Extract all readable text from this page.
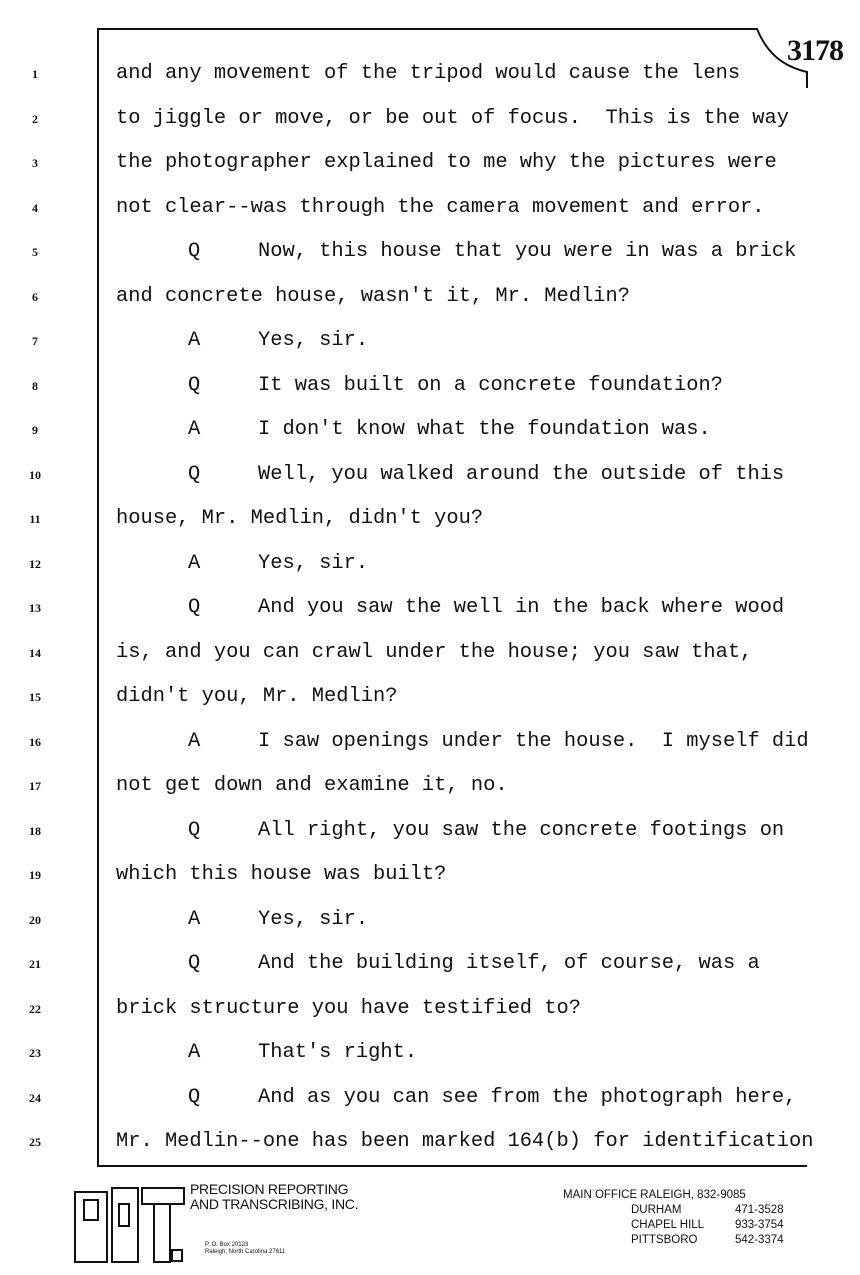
3178
1	and any movement of the tripod would cause the lens
2	to jiggle or move, or be out of focus.  This is the way
3	the photographer explained to me why the pictures were
4	not clear--was through the camera movement and error.
5	Q	Now, this house that you were in was a brick
6	and concrete house, wasn't it, Mr. Medlin?
7	A	Yes, sir.
8	Q	It was built on a concrete foundation?
9	A	I don't know what the foundation was.
10	Q	Well, you walked around the outside of this
11	house, Mr. Medlin, didn't you?
12	A	Yes, sir.
13	Q	And you saw the well in the back where wood
14	is, and you can crawl under the house; you saw that,
15	didn't you, Mr. Medlin?
16	A	I saw openings under the house.  I myself did
17	not get down and examine it, no.
18	Q	All right, you saw the concrete footings on
19	which this house was built?
20	A	Yes, sir.
21	Q	And the building itself, of course, was a
22	brick structure you have testified to?
23	A	That's right.
24	Q	And as you can see from the photograph here,
25	Mr. Medlin--one has been marked 164(b) for identification
PRECISION REPORTING
AND TRANSCRIBING, INC.
P. O. Box 20123
Raleigh, North Carolina 27611
MAIN OFFICE RALEIGH, 832-9085
DURHAM	471-3528
CHAPEL HILL	933-3754
PITTSBORO	542-3374
